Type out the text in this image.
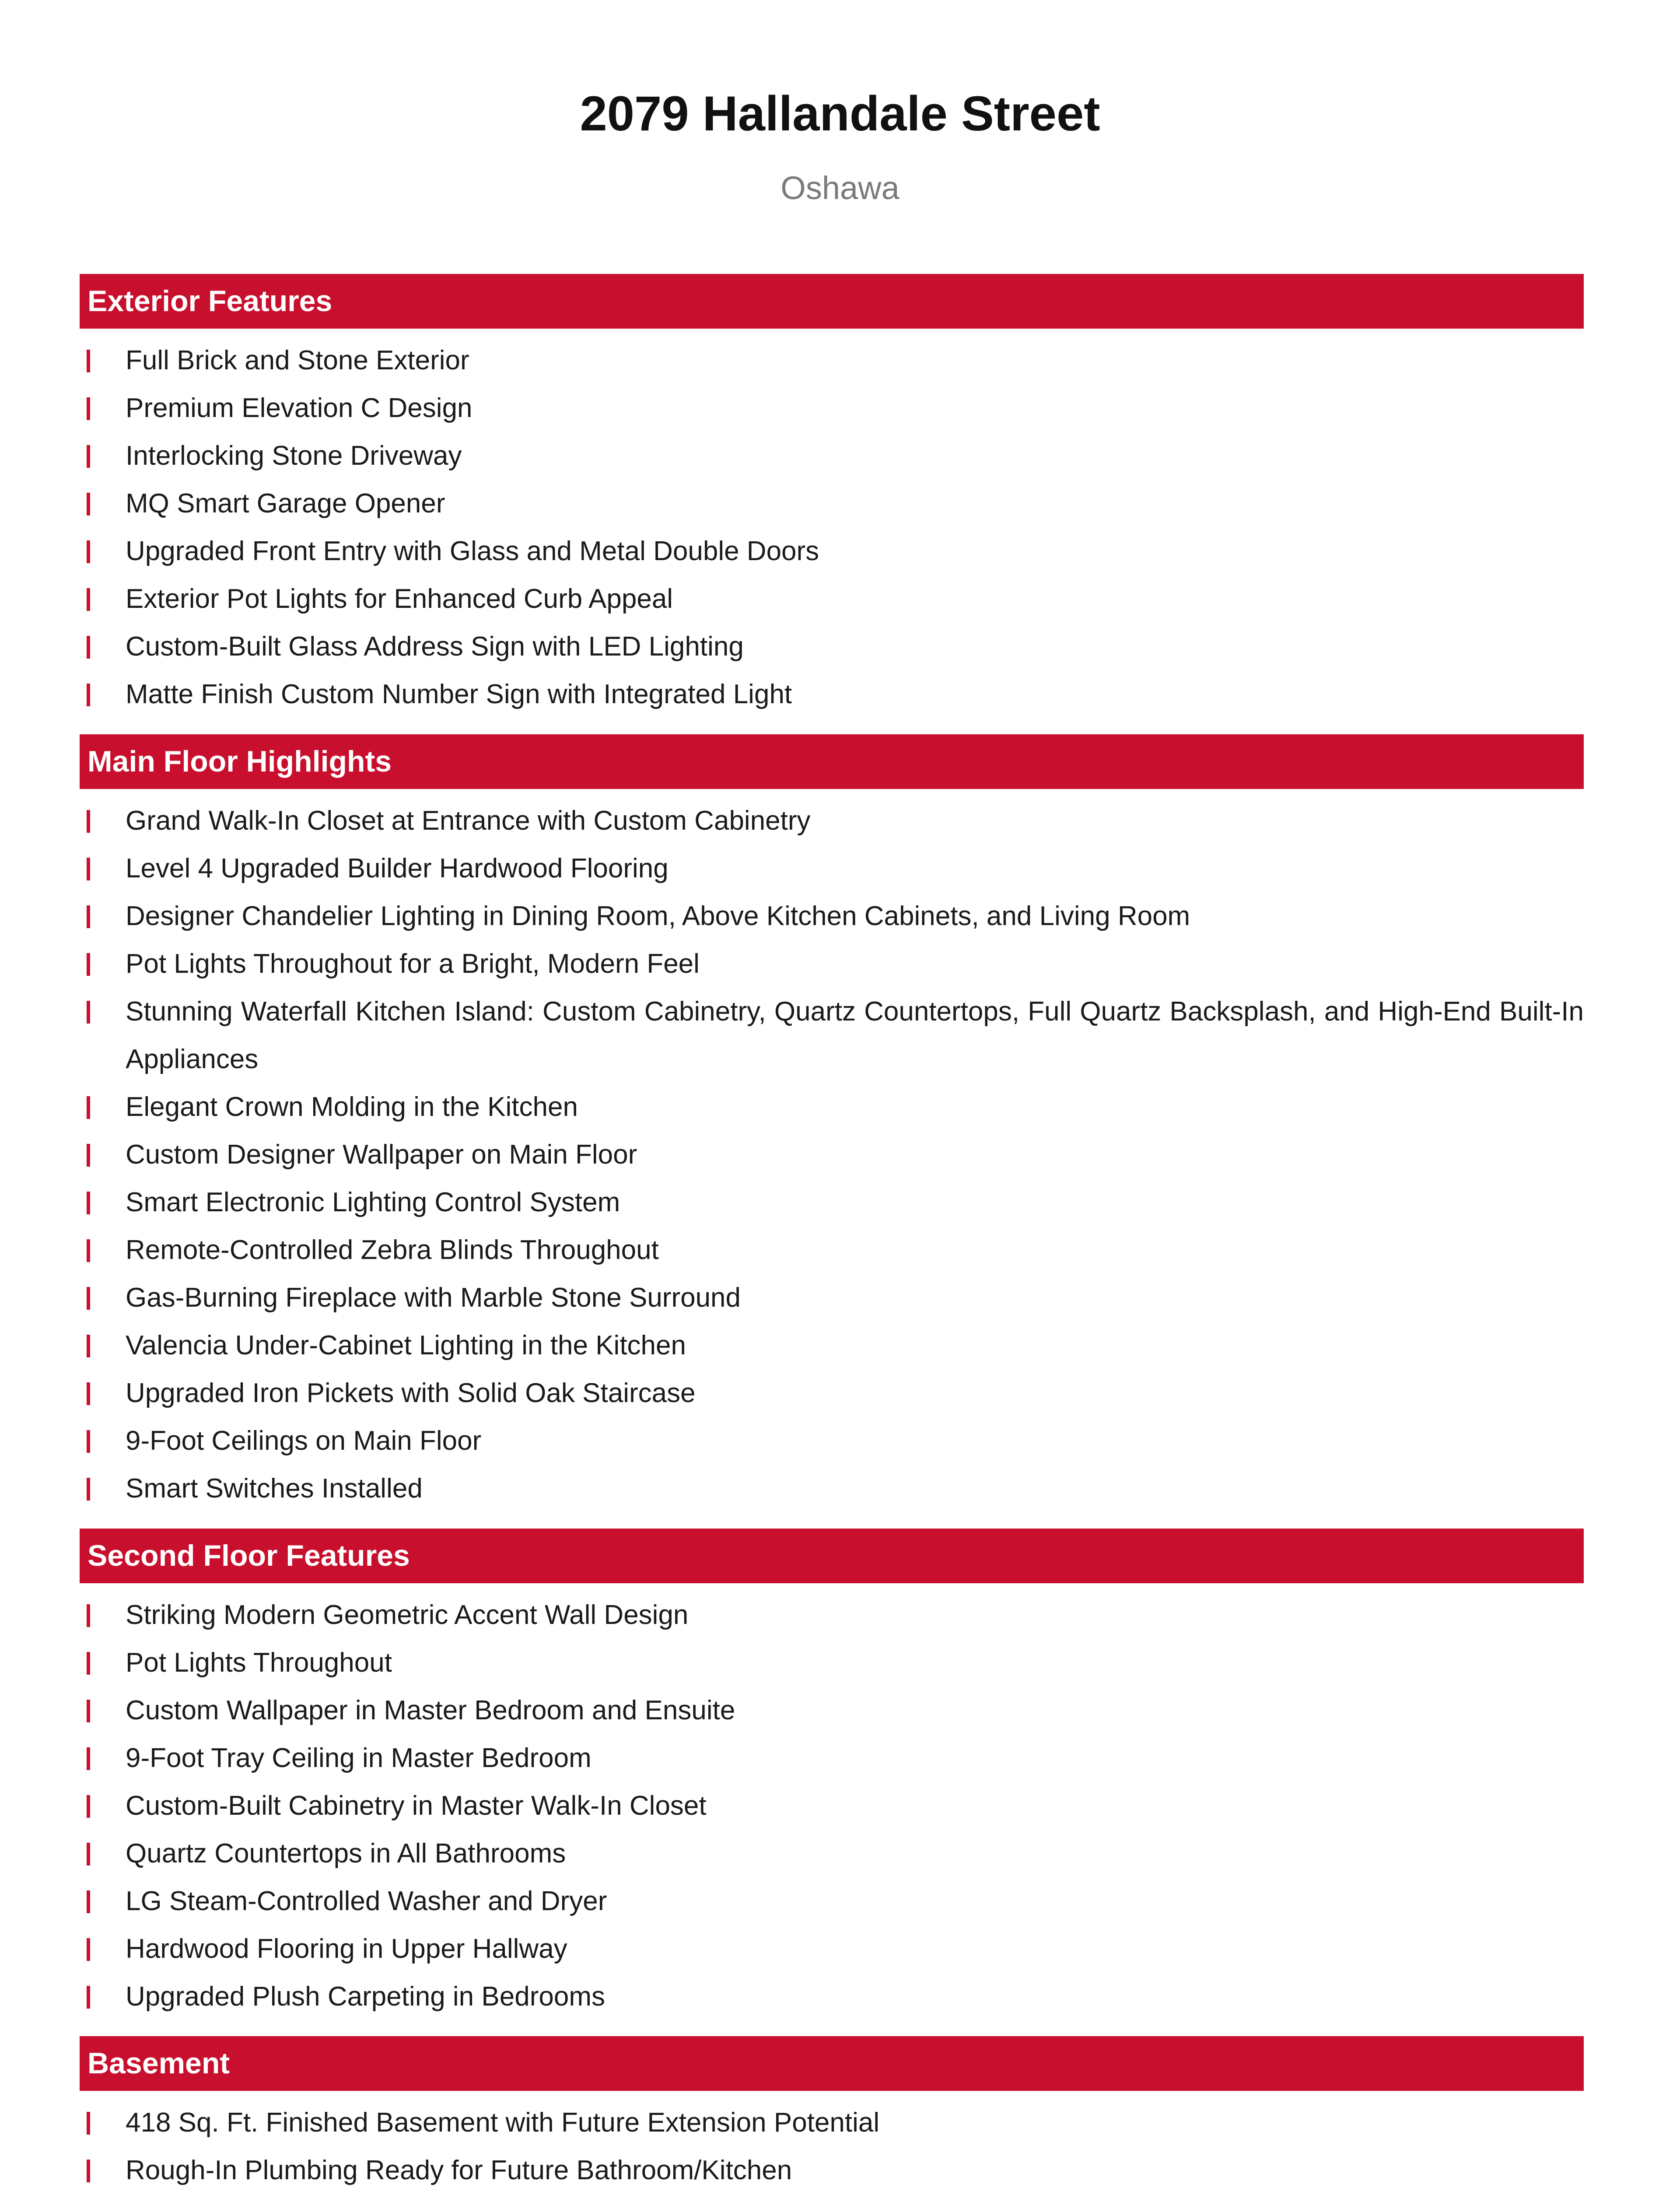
2079 Hallandale Street
Oshawa
Exterior Features
Full Brick and Stone Exterior
Premium Elevation C Design
Interlocking Stone Driveway
MQ Smart Garage Opener
Upgraded Front Entry with Glass and Metal Double Doors
Exterior Pot Lights for Enhanced Curb Appeal
Custom-Built Glass Address Sign with LED Lighting
Matte Finish Custom Number Sign with Integrated Light
Main Floor Highlights
Grand Walk-In Closet at Entrance with Custom Cabinetry
Level 4 Upgraded Builder Hardwood Flooring
Designer Chandelier Lighting in Dining Room, Above Kitchen Cabinets, and Living Room
Pot Lights Throughout for a Bright, Modern Feel
Stunning Waterfall Kitchen Island: Custom Cabinetry, Quartz Countertops, Full Quartz Backsplash, and High-End Built-In Appliances
Elegant Crown Molding in the Kitchen
Custom Designer Wallpaper on Main Floor
Smart Electronic Lighting Control System
Remote-Controlled Zebra Blinds Throughout
Gas-Burning Fireplace with Marble Stone Surround
Valencia Under-Cabinet Lighting in the Kitchen
Upgraded Iron Pickets with Solid Oak Staircase
9-Foot Ceilings on Main Floor
Smart Switches Installed
Second Floor Features
Striking Modern Geometric Accent Wall Design
Pot Lights Throughout
Custom Wallpaper in Master Bedroom and Ensuite
9-Foot Tray Ceiling in Master Bedroom
Custom-Built Cabinetry in Master Walk-In Closet
Quartz Countertops in All Bathrooms
LG Steam-Controlled Washer and Dryer
Hardwood Flooring in Upper Hallway
Upgraded Plush Carpeting in Bedrooms
Basement
418 Sq. Ft. Finished Basement with Future Extension Potential
Rough-In Plumbing Ready for Future Bathroom/Kitchen
